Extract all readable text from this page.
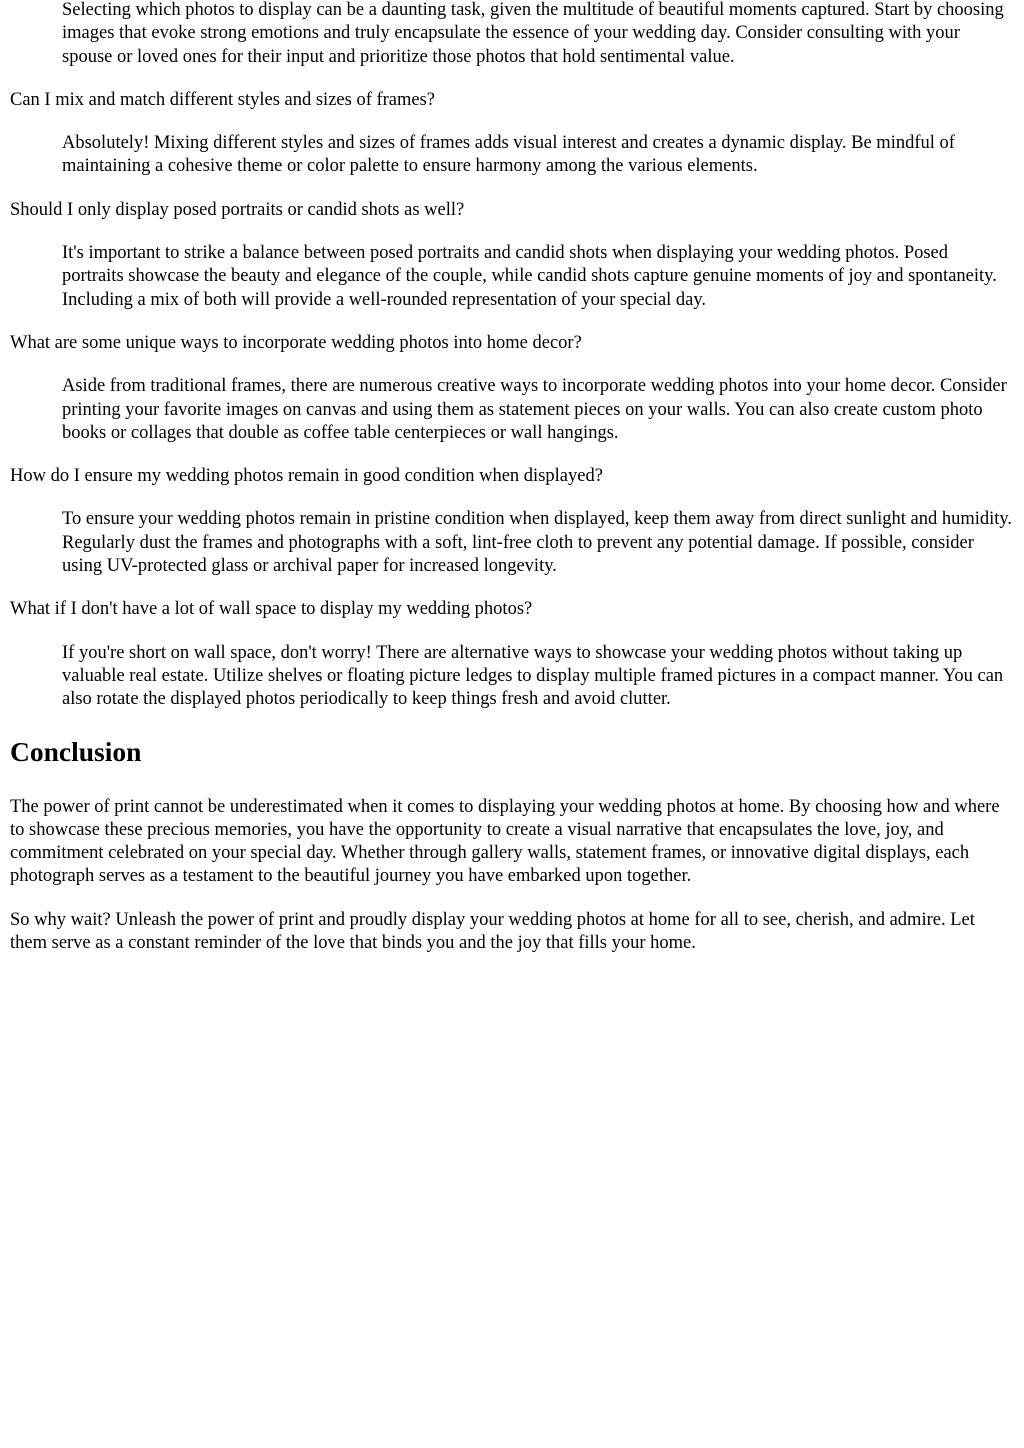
Selecting which photos to display can be a daunting task, given the multitude of beautiful moments captured. Start by choosing images that evoke strong emotions and truly encapsulate the essence of your wedding day. Consider consulting with your spouse or loved ones for their input and prioritize those photos that hold sentimental value.
Can I mix and match different styles and sizes of frames?
Absolutely! Mixing different styles and sizes of frames adds visual interest and creates a dynamic display. Be mindful of maintaining a cohesive theme or color palette to ensure harmony among the various elements.
Should I only display posed portraits or candid shots as well?
It's important to strike a balance between posed portraits and candid shots when displaying your wedding photos. Posed portraits showcase the beauty and elegance of the couple, while candid shots capture genuine moments of joy and spontaneity. Including a mix of both will provide a well-rounded representation of your special day.
What are some unique ways to incorporate wedding photos into home decor?
Aside from traditional frames, there are numerous creative ways to incorporate wedding photos into your home decor. Consider printing your favorite images on canvas and using them as statement pieces on your walls. You can also create custom photo books or collages that double as coffee table centerpieces or wall hangings.
How do I ensure my wedding photos remain in good condition when displayed?
To ensure your wedding photos remain in pristine condition when displayed, keep them away from direct sunlight and humidity. Regularly dust the frames and photographs with a soft, lint-free cloth to prevent any potential damage. If possible, consider using UV-protected glass or archival paper for increased longevity.
What if I don't have a lot of wall space to display my wedding photos?
If you're short on wall space, don't worry! There are alternative ways to showcase your wedding photos without taking up valuable real estate. Utilize shelves or floating picture ledges to display multiple framed pictures in a compact manner. You can also rotate the displayed photos periodically to keep things fresh and avoid clutter.
Conclusion

The power of print cannot be underestimated when it comes to displaying your wedding photos at home. By choosing how and where to showcase these precious memories, you have the opportunity to create a visual narrative that encapsulates the love, joy, and commitment celebrated on your special day. Whether through gallery walls, statement frames, or innovative digital displays, each photograph serves as a testament to the beautiful journey you have embarked upon together.

So why wait? Unleash the power of print and proudly display your wedding photos at home for all to see, cherish, and admire. Let them serve as a constant reminder of the love that binds you and the joy that fills your home.
